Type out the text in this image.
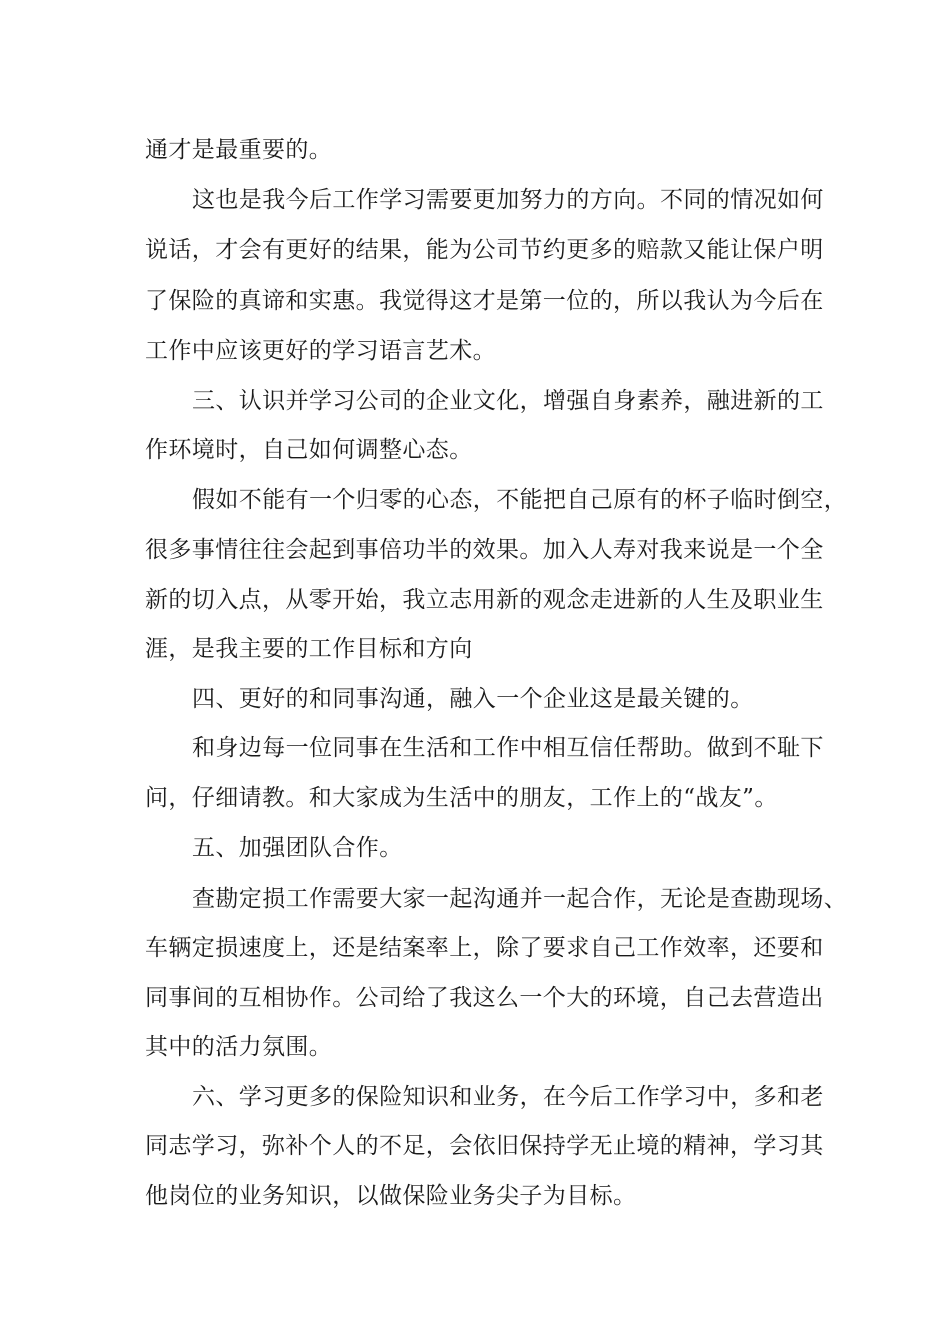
通才是最重要的。
这也是我今后工作学习需要更加努力的方向。不同的情况如何
说话，才会有更好的结果，能为公司节约更多的赔款又能让保户明
了保险的真谛和实惠。我觉得这才是第一位的，所以我认为今后在
工作中应该更好的学习语言艺术。
三、认识并学习公司的企业文化，增强自身素养，融进新的工
作环境时，自己如何调整心态。
假如不能有一个归零的心态，不能把自己原有的杯子临时倒空，
很多事情往往会起到事倍功半的效果。加入人寿对我来说是一个全
新的切入点，从零开始，我立志用新的观念走进新的人生及职业生
涯，是我主要的工作目标和方向
四、更好的和同事沟通，融入一个企业这是最关键的。
和身边每一位同事在生活和工作中相互信任帮助。做到不耻下
问，仔细请教。和大家成为生活中的朋友，工作上的“战友”。
五、加强团队合作。
查勘定损工作需要大家一起沟通并一起合作，无论是查勘现场、
车辆定损速度上，还是结案率上，除了要求自己工作效率，还要和
同事间的互相协作。公司给了我这么一个大的环境，自己去营造出
其中的活力氛围。
六、学习更多的保险知识和业务，在今后工作学习中，多和老
同志学习，弥补个人的不足，会依旧保持学无止境的精神，学习其
他岗位的业务知识，以做保险业务尖子为目标。
